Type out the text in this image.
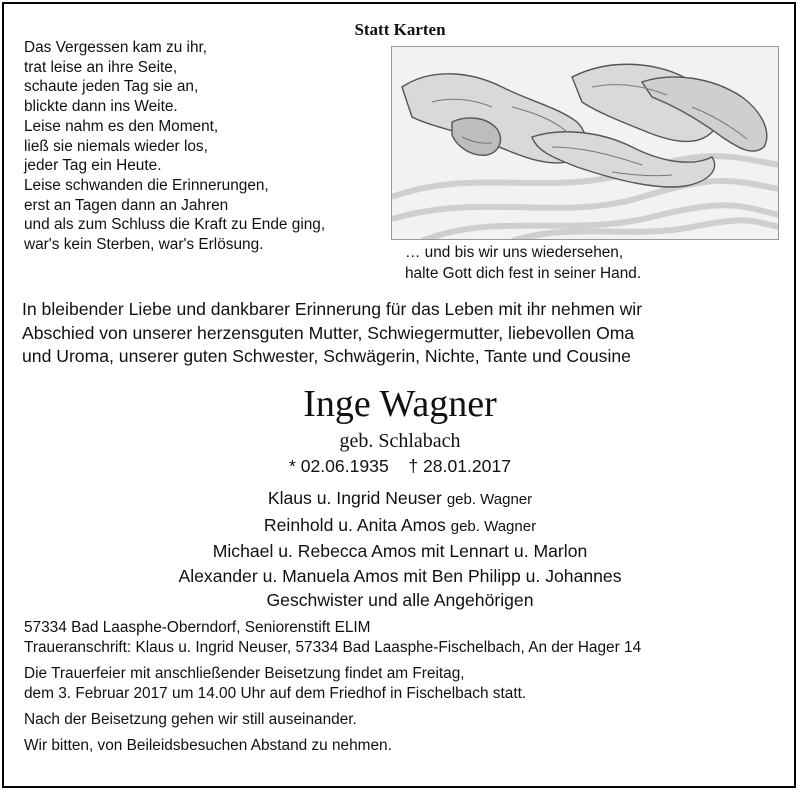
Statt Karten
Das Vergessen kam zu ihr,
trat leise an ihre Seite,
schaute jeden Tag sie an,
blickte dann ins Weite.
Leise nahm es den Moment,
ließ sie niemals wieder los,
jeder Tag ein Heute.
Leise schwanden die Erinnerungen,
erst an Tagen dann an Jahren
und als zum Schluss die Kraft zu Ende ging,
war's kein Sterben, war's Erlösung.	… und bis wir uns wiedersehen,
halte Gott dich fest in seiner Hand.
In bleibender Liebe und dankbarer Erinnerung für das Leben mit ihr nehmen wir
Abschied von unserer herzensguten Mutter, Schwiegermutter, liebevollen Oma
und Uroma, unserer guten Schwester, Schwägerin, Nichte, Tante und Cousine
Inge Wagner
geb. Schlabach
* 02.06.1935 † 28.01.2017
Klaus u. Ingrid Neuser geb. Wagner
Reinhold u. Anita Amos geb. Wagner
Michael u. Rebecca Amos mit Lennart u. Marlon
Alexander u. Manuela Amos mit Ben Philipp u. Johannes
Geschwister und alle Angehörigen
57334 Bad Laasphe-Oberndorf, Seniorenstift ELIM
Traueranschrift: Klaus u. Ingrid Neuser, 57334 Bad Laasphe-Fischelbach, An der Hager 14
Die Trauerfeier mit anschließender Beisetzung findet am Freitag,
dem 3. Februar 2017 um 14.00 Uhr auf dem Friedhof in Fischelbach statt.
Nach der Beisetzung gehen wir still auseinander.
Wir bitten, von Beileidsbesuchen Abstand zu nehmen.
